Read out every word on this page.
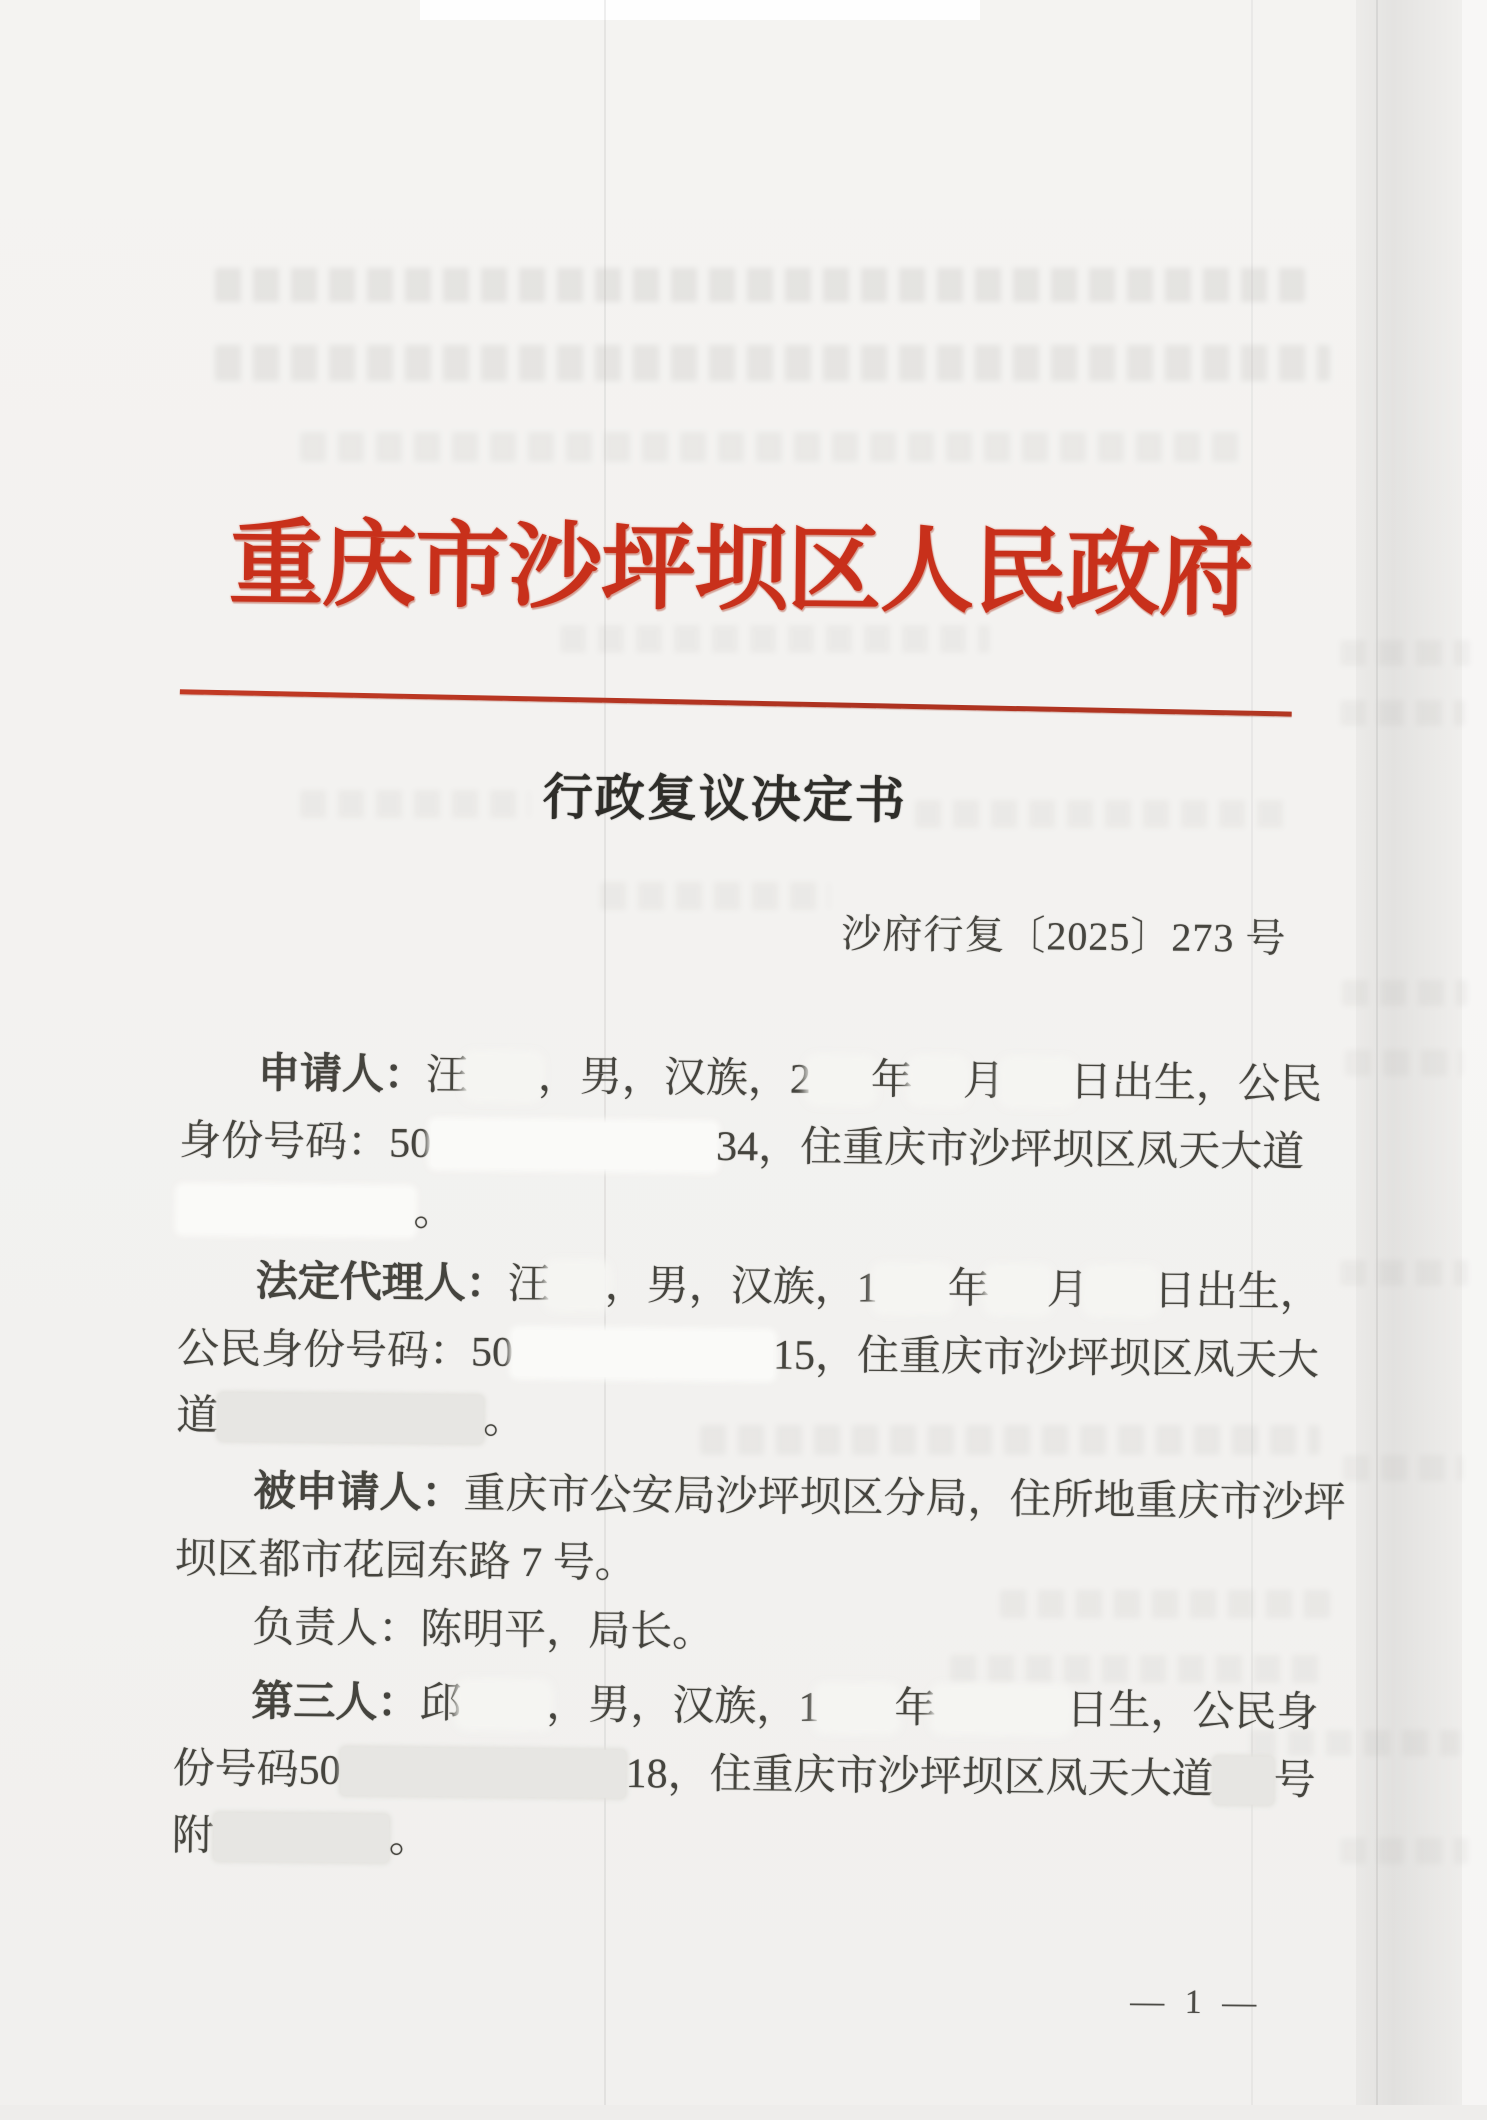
重庆市沙坪坝区人民政府
行政复议决定书
沙府行复〔2025〕273 号
申请人：汪 ，男，汉族，2 年 月 日出生，公民
身份号码：50	34，住重庆市沙坪坝区凤天大道
。
法定代理人：汪 ，男，汉族，1 年 月 日出生，
公民身份号码：50	15，住重庆市沙坪坝区凤天大
道	。
被申请人：重庆市公安局沙坪坝区分局，住所地重庆市沙坪
坝区都市花园东路 7 号。
负责人：陈明平，局长。
第三人：邱 ，男，汉族，1 年	日生，公民身
份号码50	18，住重庆市沙坪坝区凤天大道 号
附	。
— 1 —
